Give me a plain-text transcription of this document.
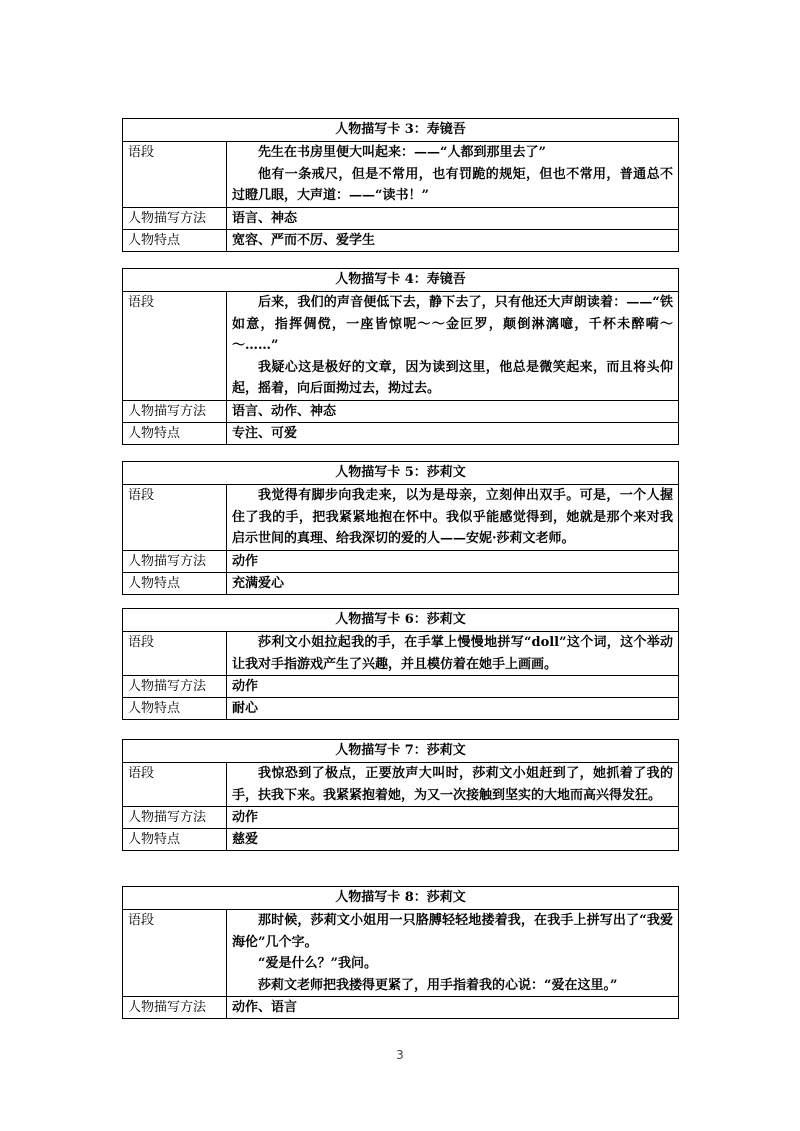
人物描写卡 3：寿镜吾	
语段	先生在书房里便大叫起来：——“人都到那里去了”

他有一条戒尺，但是不常用，也有罚跪的规矩，但也不常用，普通总不过瞪几眼，大声道：——“读书！”

人物描写方法	语言、神态
人物特点	宽容、严而不厉、爱学生
人物描写卡 4：寿镜吾	
语段	后来，我们的声音便低下去，静下去了，只有他还大声朗读着：——“铁如意，指挥倜傥，一座皆惊呢～～金叵罗，颠倒淋漓噫，千杯未醉嗬～ ～……”

我疑心这是极好的文章，因为读到这里，他总是微笑起来，而且将头仰起，摇着，向后面拗过去，拗过去。

人物描写方法	语言、动作、神态
人物特点	专注、可爱
人物描写卡 5：莎莉文	
语段	我觉得有脚步向我走来，以为是母亲，立刻伸出双手。可是，一个人握住了我的手，把我紧紧地抱在怀中。我似乎能感觉得到，她就是那个来对我启示世间的真理、给我深切的爱的人——安妮·莎莉文老师。

人物描写方法	动作
人物特点	充满爱心
人物描写卡 6：莎莉文	
语段	莎利文小姐拉起我的手，在手掌上慢慢地拼写“doll”这个词，这个举动让我对手指游戏产生了兴趣，并且模仿着在她手上画画。

人物描写方法	动作
人物特点	耐心
人物描写卡 7：莎莉文	
语段	我惊恐到了极点，正要放声大叫时，莎莉文小姐赶到了，她抓着了我的手，扶我下来。我紧紧抱着她，为又一次接触到坚实的大地而高兴得发狂。

人物描写方法	动作
人物特点	慈爱
人物描写卡 8：莎莉文	
语段	那时候，莎莉文小姐用一只胳膊轻轻地搂着我，在我手上拼写出了“我爱海伦”几个字。

“爱是什么？”我问。

莎莉文老师把我搂得更紧了，用手指着我的心说：“爱在这里。”

人物描写方法	动作、语言
3
